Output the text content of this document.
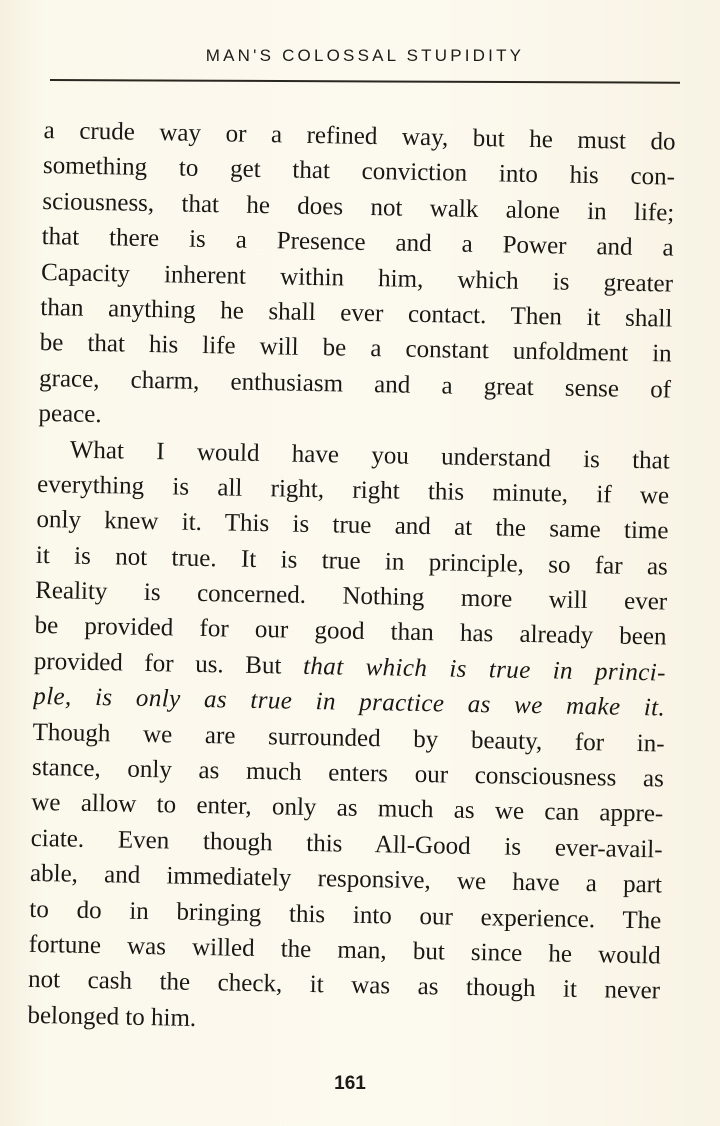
MAN'S COLOSSAL STUPIDITY
a crude way or a refined way, but he must do
something to get that conviction into his con-
sciousness, that he does not walk alone in life;
that there is a Presence and a Power and a
Capacity inherent within him, which is greater
than anything he shall ever contact. Then it shall
be that his life will be a constant unfoldment in
grace, charm, enthusiasm and a great sense of
peace.
What I would have you understand is that
everything is all right, right this minute, if we
only knew it. This is true and at the same time
it is not true. It is true in principle, so far as
Reality is concerned. Nothing more will ever
be provided for our good than has already been
provided for us. But that which is true in princi-
ple, is only as true in practice as we make it.
Though we are surrounded by beauty, for in-
stance, only as much enters our consciousness as
we allow to enter, only as much as we can appre-
ciate. Even though this All-Good is ever-avail-
able, and immediately responsive, we have a part
to do in bringing this into our experience. The
fortune was willed the man, but since he would
not cash the check, it was as though it never
belonged to him.
161
